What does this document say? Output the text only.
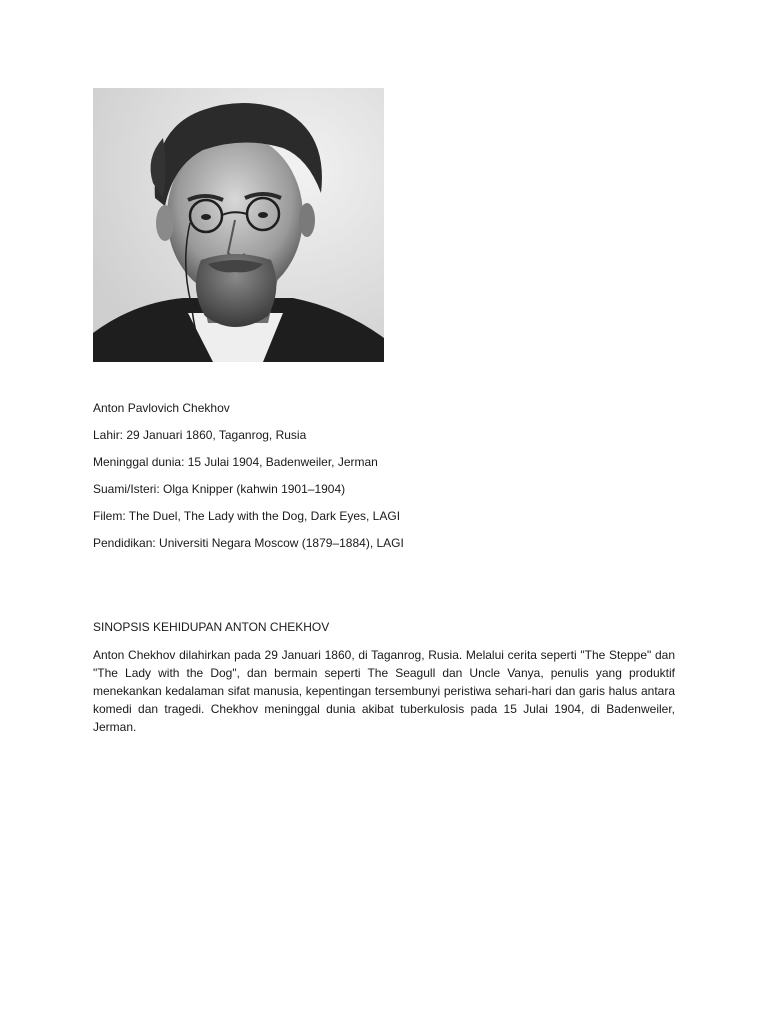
Anton Pavlovich Chekhov
Lahir: 29 Januari 1860, Taganrog, Rusia
Meninggal dunia: 15 Julai 1904, Badenweiler, Jerman
Suami/Isteri: Olga Knipper (kahwin 1901–1904)
Filem: The Duel, The Lady with the Dog, Dark Eyes, LAGI
Pendidikan: Universiti Negara Moscow (1879–1884), LAGI
SINOPSIS KEHIDUPAN ANTON CHEKHOV
Anton Chekhov dilahirkan pada 29 Januari 1860, di Taganrog, Rusia. Melalui cerita seperti "The Steppe" dan "The Lady with the Dog", dan bermain seperti The Seagull dan Uncle Vanya, penulis yang produktif menekankan kedalaman sifat manusia, kepentingan tersembunyi peristiwa sehari-hari dan garis halus antara komedi dan tragedi. Chekhov meninggal dunia akibat tuberkulosis pada 15 Julai 1904, di Badenweiler, Jerman.
